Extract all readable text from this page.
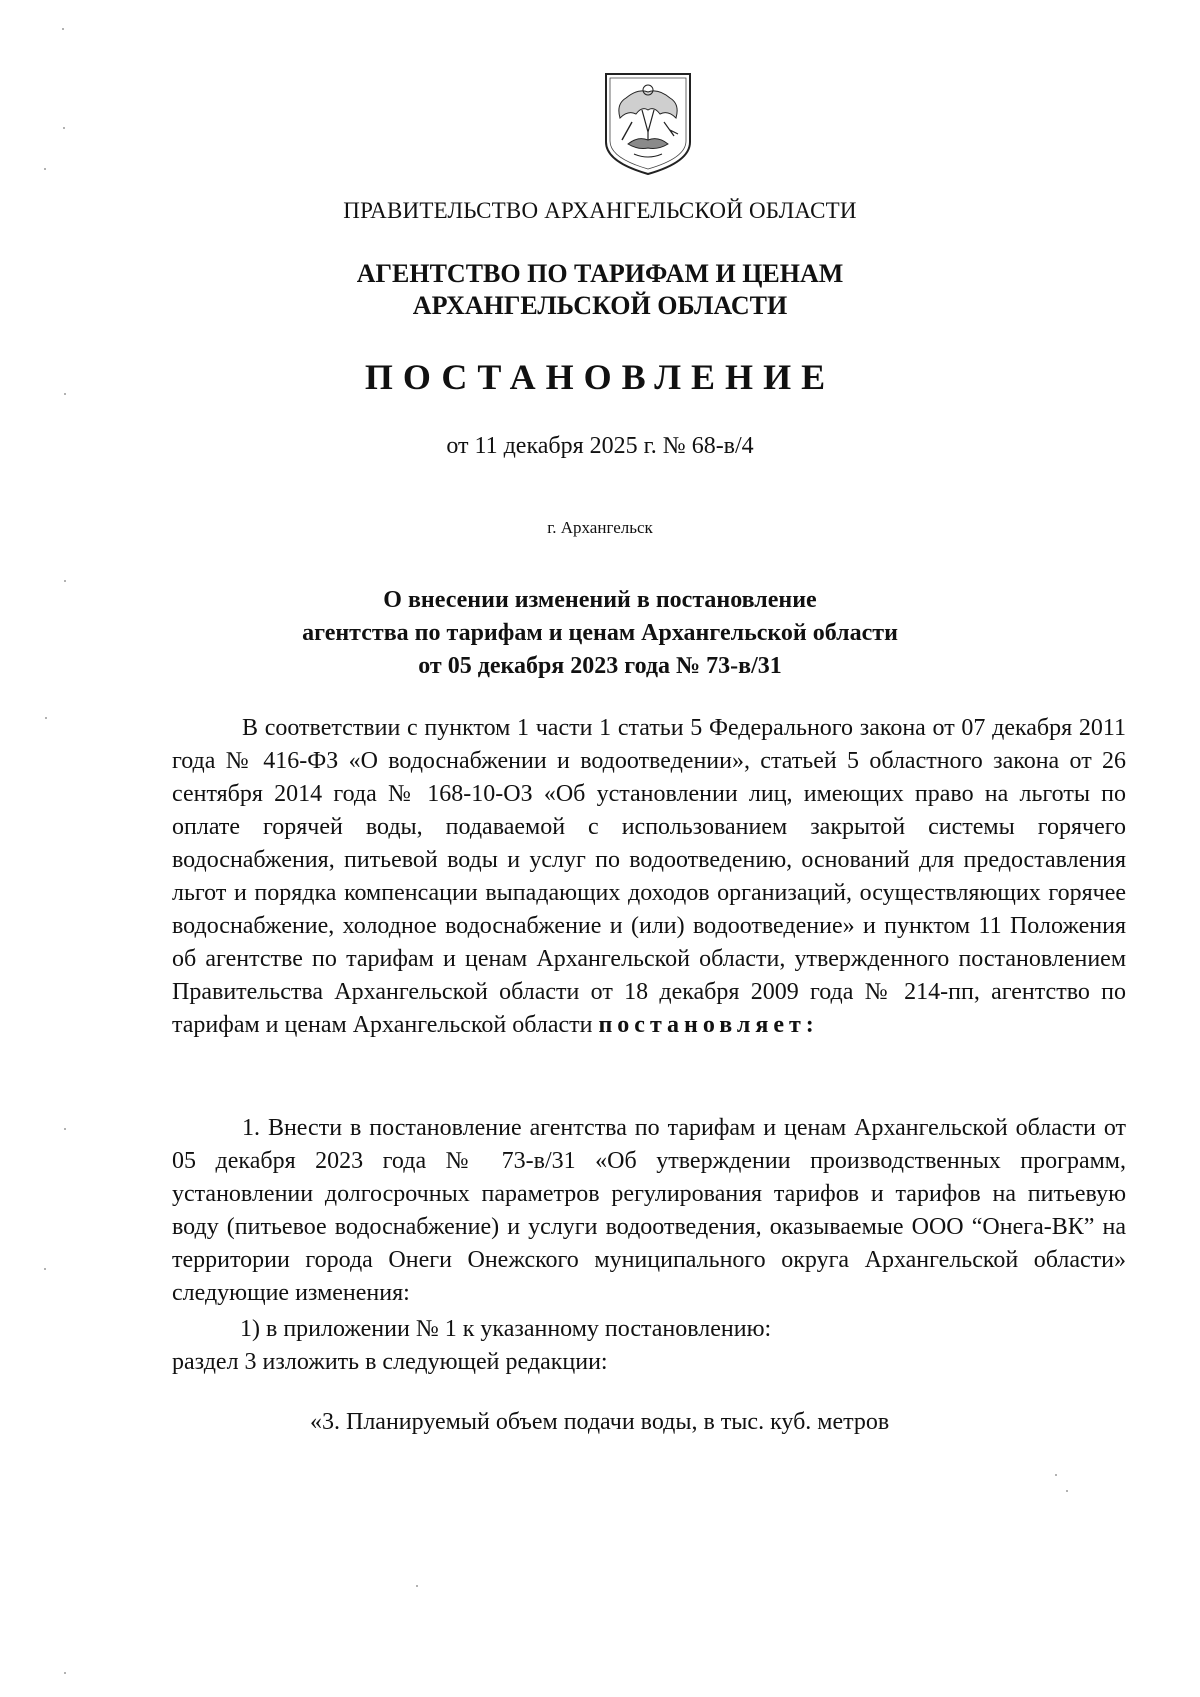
ПРАВИТЕЛЬСТВО АРХАНГЕЛЬСКОЙ ОБЛАСТИ
АГЕНТСТВО ПО ТАРИФАМ И ЦЕНАМ
АРХАНГЕЛЬСКОЙ ОБЛАСТИ
ПОСТАНОВЛЕНИЕ
от 11 декабря 2025 г. № 68-в/4
г. Архангельск
О внесении изменений в постановление
агентства по тарифам и ценам Архангельской области
от 05 декабря 2023 года № 73-в/31
В соответствии с пунктом 1 части 1 статьи 5 Федерального закона от 07 декабря 2011 года № 416-ФЗ «О водоснабжении и водоотведении», статьей 5 областного закона от 26 сентября 2014 года № 168-10-ОЗ «Об установлении лиц, имеющих право на льготы по оплате горячей воды, подаваемой с использованием закрытой системы горячего водоснабжения, питьевой воды и услуг по водоотведению, оснований для предоставления льгот и порядка компенсации выпадающих доходов организаций, осуществляющих горячее водоснабжение, холодное водоснабжение и (или) водоотведение» и пунктом 11 Положения об агентстве по тарифам и ценам Архангельской области, утвержденного постановлением Правительства Архангельской области от 18 декабря 2009 года № 214-пп, агентство по тарифам и ценам Архангельской области постановляет:
1. Внести в постановление агентства по тарифам и ценам Архангельской области от 05 декабря 2023 года № 73-в/31 «Об утверждении производственных программ, установлении долгосрочных параметров регулирования тарифов и тарифов на питьевую воду (питьевое водоснабжение) и услуги водоотведения, оказываемые ООО “Онега-ВК” на территории города Онеги Онежского муниципального округа Архангельской области» следующие изменения:
1) в приложении № 1 к указанному постановлению:
раздел 3 изложить в следующей редакции:
«3. Планируемый объем подачи воды, в тыс. куб. метров
